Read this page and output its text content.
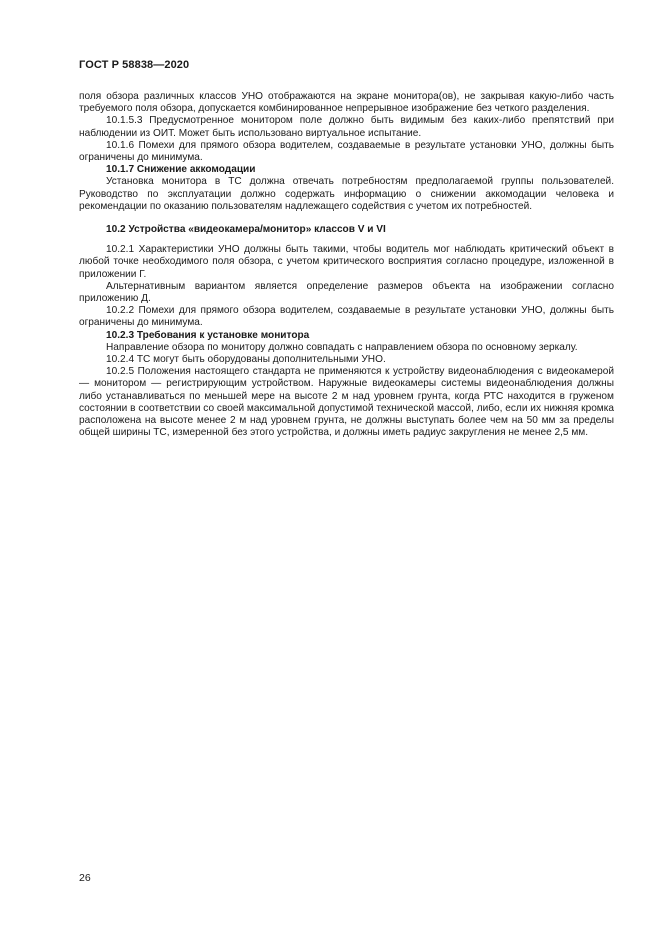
ГОСТ Р 58838—2020

поля обзора различных классов УНО отображаются на экране монитора(ов), не закрывая какую-либо часть требуемого поля обзора, допускается комбинированное непрерывное изображение без четкого разделения.

10.1.5.3 Предусмотренное монитором поле должно быть видимым без каких-либо препятствий при наблюдении из ОИТ. Может быть использовано виртуальное испытание.

10.1.6 Помехи для прямого обзора водителем, создаваемые в результате установки УНО, должны быть ограничены до минимума.

10.1.7 Снижение аккомодации

Установка монитора в ТС должна отвечать потребностям предполагаемой группы пользователей. Руководство по эксплуатации должно содержать информацию о снижении аккомодации человека и рекомендации по оказанию пользователям надлежащего содействия с учетом их потребностей.

10.2 Устройства «видеокамера/монитор» классов V и VI

10.2.1 Характеристики УНО должны быть такими, чтобы водитель мог наблюдать критический объект в любой точке необходимого поля обзора, с учетом критического восприятия согласно процедуре, изложенной в приложении Г.

Альтернативным вариантом является определение размеров объекта на изображении согласно приложению Д.

10.2.2 Помехи для прямого обзора водителем, создаваемые в результате установки УНО, должны быть ограничены до минимума.

10.2.3 Требования к установке монитора

Направление обзора по монитору должно совпадать с направлением обзора по основному зеркалу.

10.2.4 ТС могут быть оборудованы дополнительными УНО.

10.2.5 Положения настоящего стандарта не применяются к устройству видеонаблюдения с видеокамерой — монитором — регистрирующим устройством. Наружные видеокамеры системы видеонаблюдения должны либо устанавливаться по меньшей мере на высоте 2 м над уровнем грунта, когда РТС находится в груженом состоянии в соответствии со своей максимальной допустимой технической массой, либо, если их нижняя кромка расположена на высоте менее 2 м над уровнем грунта, не должны выступать более чем на 50 мм за пределы общей ширины ТС, измеренной без этого устройства, и должны иметь радиус закругления не менее 2,5 мм.

26
